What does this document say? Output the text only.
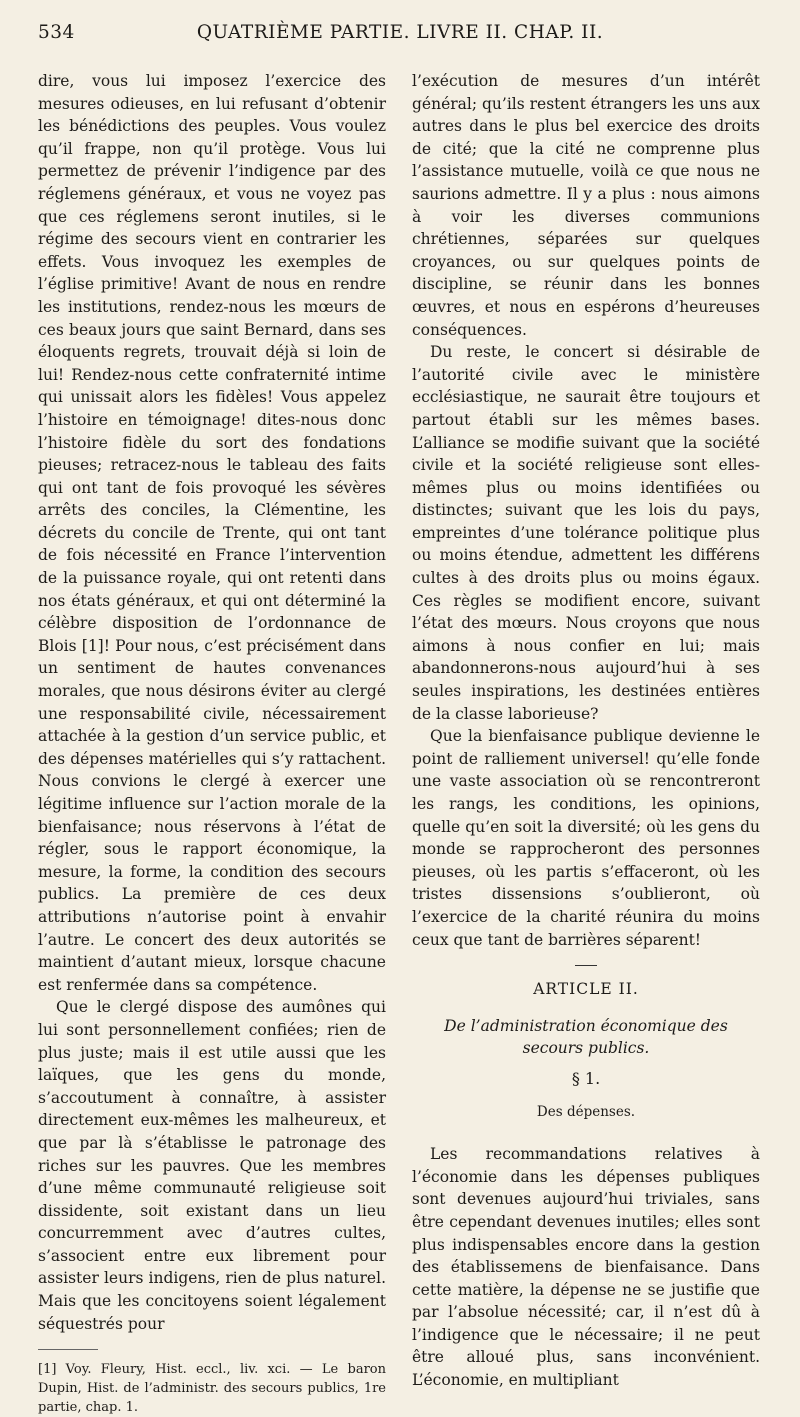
534	QUATRIÈME PARTIE. LIVRE II. CHAP. II.

dire, vous lui imposez l’exercice des mesures odieuses, en lui refusant d’obtenir les bénédictions des peuples. Vous voulez qu’il frappe, non qu’il protège. Vous lui permettez de prévenir l’indigence par des réglemens généraux, et vous ne voyez pas que ces réglemens seront inutiles, si le régime des secours vient en contrarier les effets. Vous invoquez les exemples de l’église primitive! Avant de nous en rendre les institutions, rendez-nous les mœurs de ces beaux jours que saint Bernard, dans ses éloquents regrets, trouvait déjà si loin de lui! Rendez-nous cette confraternité intime qui unissait alors les fidèles! Vous appelez l’histoire en témoignage! dites-nous donc l’histoire fidèle du sort des fondations pieuses; retracez-nous le tableau des faits qui ont tant de fois provoqué les sévères arrêts des conciles, la Clémentine, les décrets du concile de Trente, qui ont tant de fois nécessité en France l’intervention de la puissance royale, qui ont retenti dans nos états généraux, et qui ont déterminé la célèbre disposition de l’ordonnance de Blois [1]! Pour nous, c’est précisément dans un sentiment de hautes convenances morales, que nous désirons éviter au clergé une responsabilité civile, nécessairement attachée à la gestion d’un service public, et des dépenses matérielles qui s’y rattachent. Nous convions le clergé à exercer une légitime influence sur l’action morale de la bienfaisance; nous réservons à l’état de régler, sous le rapport économique, la mesure, la forme, la condition des secours publics. La première de ces deux attributions n’autorise point à envahir l’autre. Le concert des deux autorités se maintient d’autant mieux, lorsque chacune est renfermée dans sa compétence.

Que le clergé dispose des aumônes qui lui sont personnellement confiées; rien de plus juste; mais il est utile aussi que les laïques, que les gens du monde, s’accoutument à connaître, à assister directement eux-mêmes les malheureux, et que par là s’établisse le patronage des riches sur les pauvres. Que les membres d’une même communauté religieuse soit dissidente, soit existant dans un lieu concurremment avec d’autres cultes, s’associent entre eux librement pour assister leurs indigens, rien de plus naturel. Mais que les concitoyens soient légalement séquestrés pour

[1] Voy. Fleury, Hist. eccl., liv. xci. — Le baron Dupin, Hist. de l’administr. des secours publics, 1re partie, chap. 1.

l’exécution de mesures d’un intérêt général; qu’ils restent étrangers les uns aux autres dans le plus bel exercice des droits de cité; que la cité ne comprenne plus l’assistance mutuelle, voilà ce que nous ne saurions admettre. Il y a plus : nous aimons à voir les diverses communions chrétiennes, séparées sur quelques croyances, ou sur quelques points de discipline, se réunir dans les bonnes œuvres, et nous en espérons d’heureuses conséquences.

Du reste, le concert si désirable de l’autorité civile avec le ministère ecclésiastique, ne saurait être toujours et partout établi sur les mêmes bases. L’alliance se modifie suivant que la société civile et la société religieuse sont elles-mêmes plus ou moins identifiées ou distinctes; suivant que les lois du pays, empreintes d’une tolérance politique plus ou moins étendue, admettent les différens cultes à des droits plus ou moins égaux. Ces règles se modifient encore, suivant l’état des mœurs. Nous croyons que nous aimons à nous confier en lui; mais abandonnerons-nous aujourd’hui à ses seules inspirations, les destinées entières de la classe laborieuse?

Que la bienfaisance publique devienne le point de ralliement universel! qu’elle fonde une vaste association où se rencontreront les rangs, les conditions, les opinions, quelle qu’en soit la diversité; où les gens du monde se rapprocheront des personnes pieuses, où les partis s’effaceront, où les tristes dissensions s’oublieront, où l’exercice de la charité réunira du moins ceux que tant de barrières séparent!

ARTICLE II.
De l’administration économique des secours publics.
§ 1.
Des dépenses.

Les recommandations relatives à l’économie dans les dépenses publiques sont devenues aujourd’hui triviales, sans être cependant devenues inutiles; elles sont plus indispensables encore dans la gestion des établissemens de bienfaisance. Dans cette matière, la dépense ne se justifie que par l’absolue nécessité; car, il n’est dû à l’indigence que le nécessaire; il ne peut être alloué plus, sans inconvénient. L’économie, en multipliant
